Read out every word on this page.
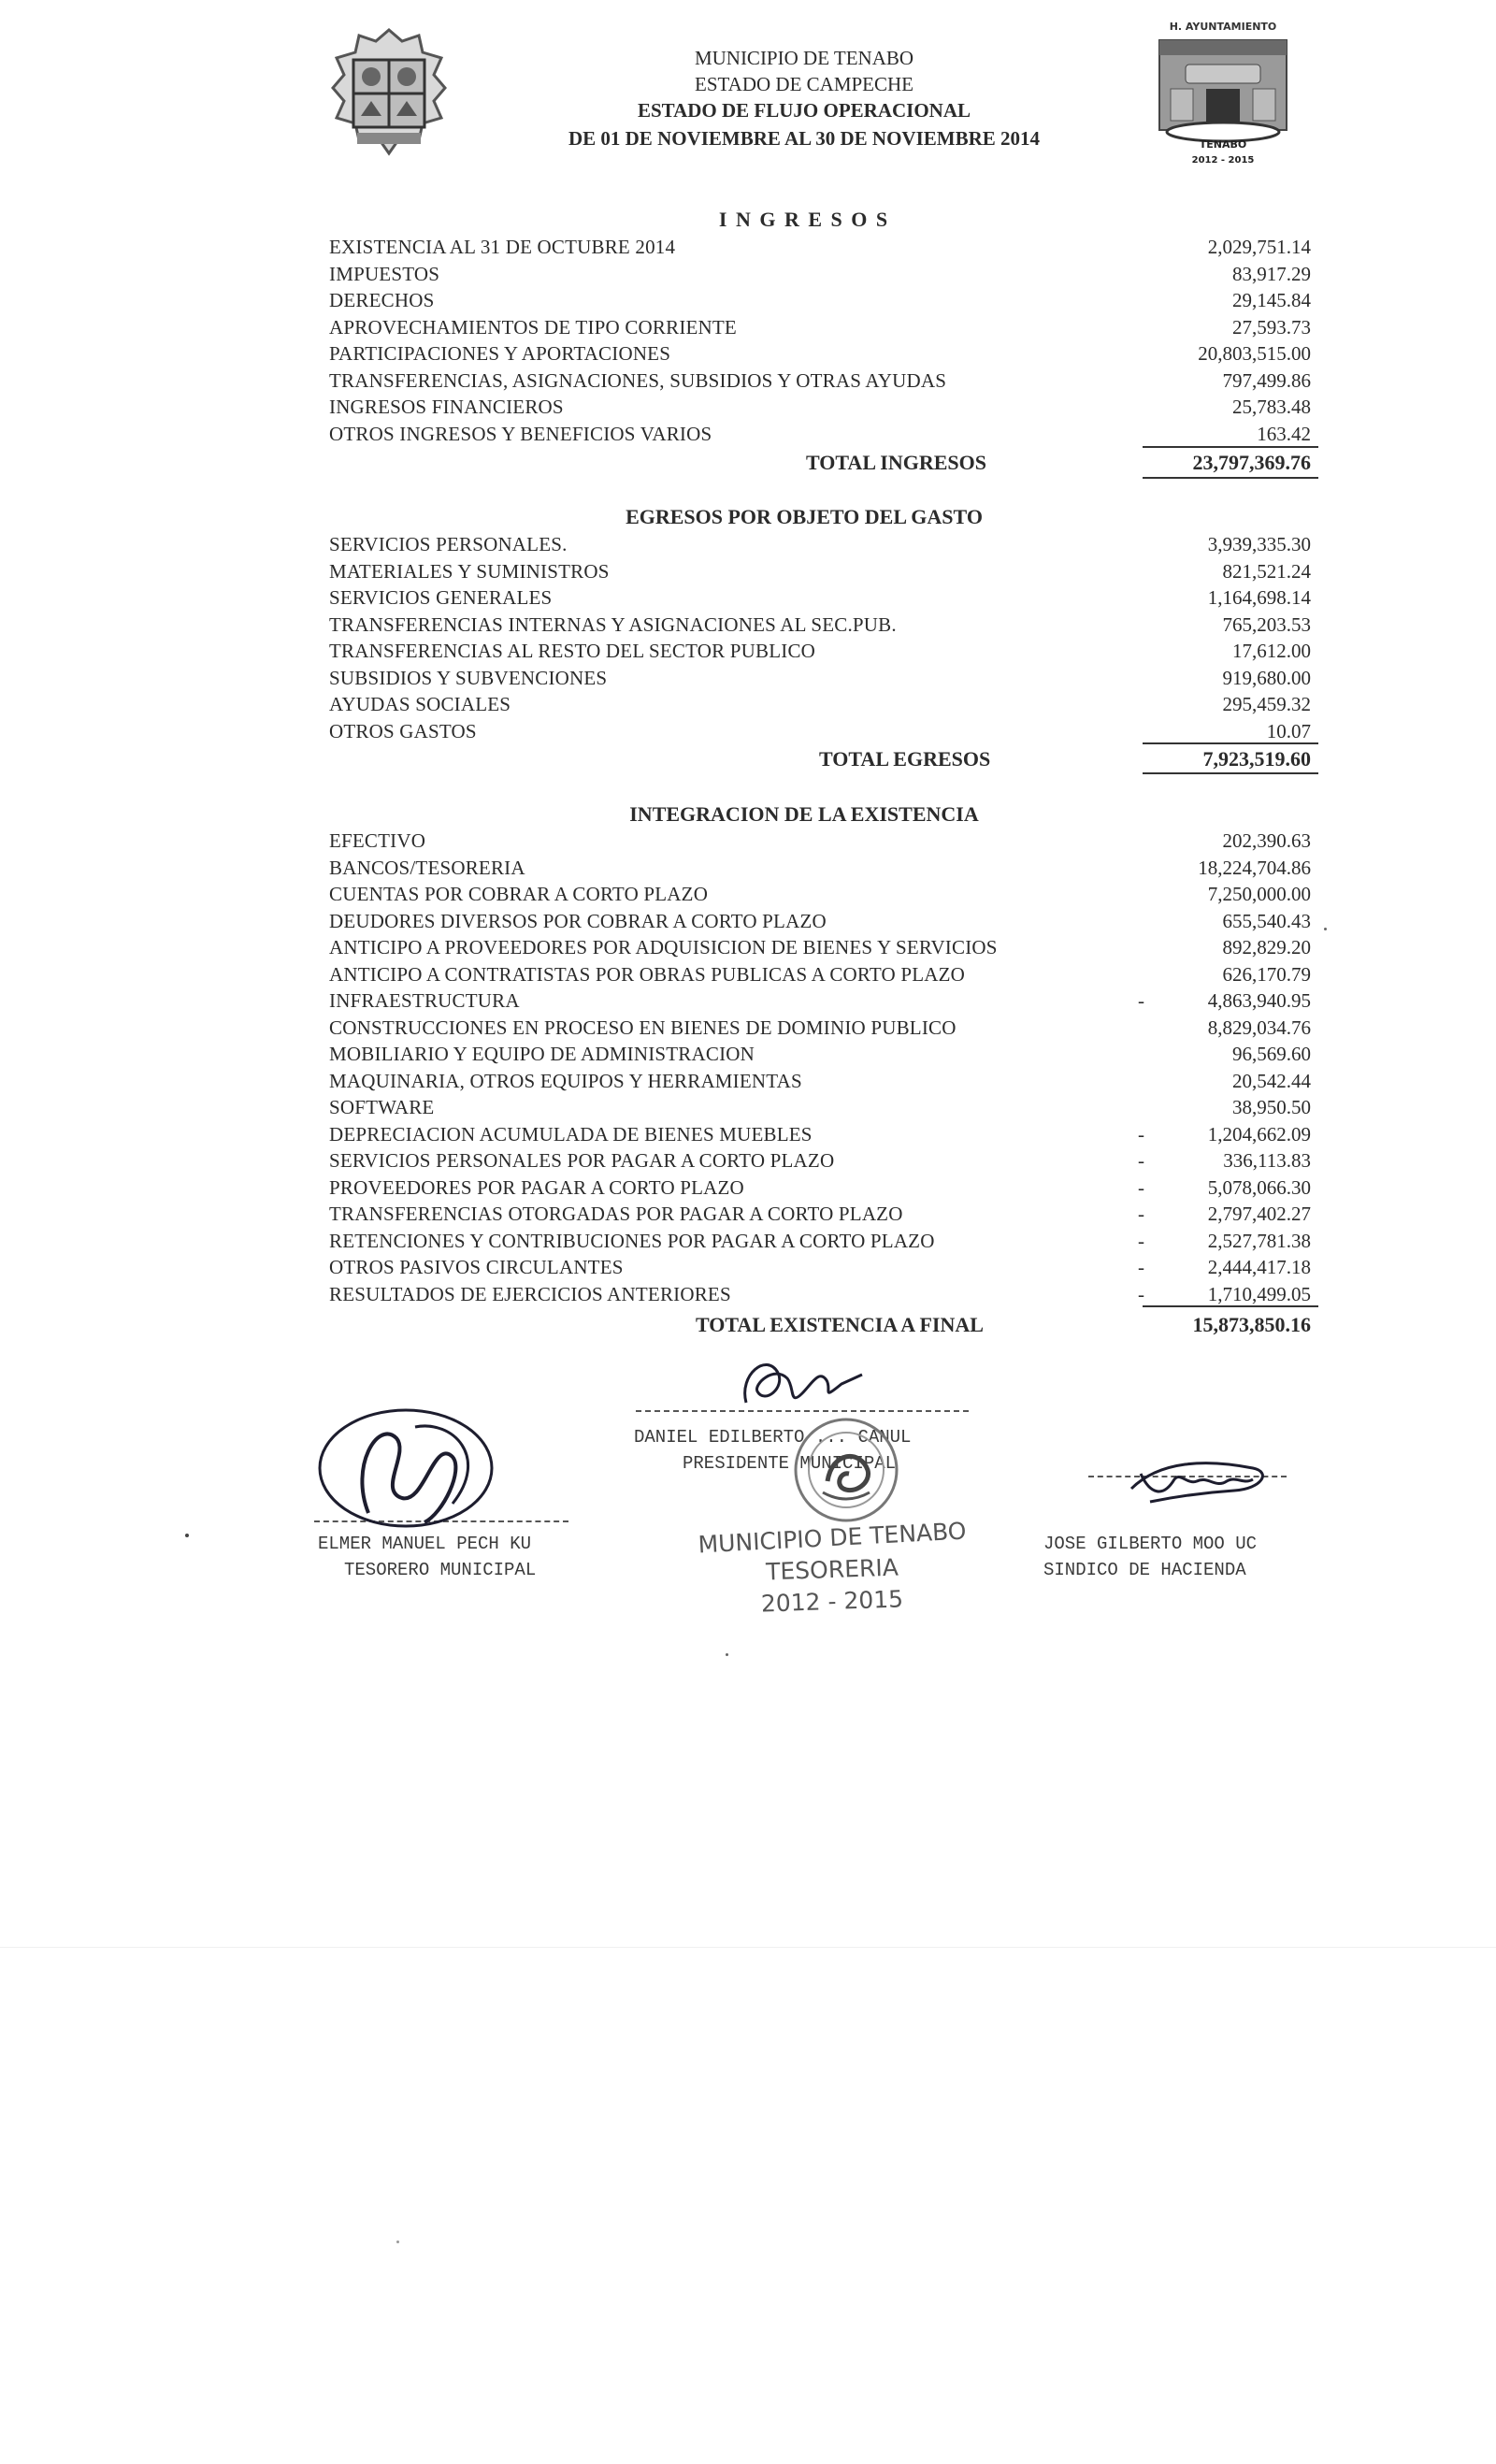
MUNICIPIO DE TENABO
ESTADO DE CAMPECHE
ESTADO DE FLUJO OPERACIONAL
DE 01 DE NOVIEMBRE AL 30 DE NOVIEMBRE 2014
H. AYUNTAMIENTO
TENABO
2012 - 2015
I N G R E S O S
EXISTENCIA AL 31 DE OCTUBRE 2014	2,029,751.14
IMPUESTOS	83,917.29
DERECHOS	29,145.84
APROVECHAMIENTOS DE TIPO CORRIENTE	27,593.73
PARTICIPACIONES Y APORTACIONES	20,803,515.00
TRANSFERENCIAS, ASIGNACIONES, SUBSIDIOS Y OTRAS AYUDAS	797,499.86
INGRESOS FINANCIEROS	25,783.48
OTROS INGRESOS Y BENEFICIOS VARIOS	163.42
TOTAL INGRESOS	23,797,369.76
EGRESOS POR OBJETO DEL GASTO
SERVICIOS PERSONALES.	3,939,335.30
MATERIALES Y SUMINISTROS	821,521.24
SERVICIOS GENERALES	1,164,698.14
TRANSFERENCIAS INTERNAS Y ASIGNACIONES AL SEC.PUB.	765,203.53
TRANSFERENCIAS AL RESTO DEL SECTOR PUBLICO	17,612.00
SUBSIDIOS Y SUBVENCIONES	919,680.00
AYUDAS SOCIALES	295,459.32
OTROS GASTOS	10.07
TOTAL EGRESOS	7,923,519.60
INTEGRACION DE LA EXISTENCIA
EFECTIVO	202,390.63
BANCOS/TESORERIA	18,224,704.86
CUENTAS POR COBRAR A CORTO PLAZO	7,250,000.00
DEUDORES DIVERSOS POR COBRAR A CORTO PLAZO	655,540.43
ANTICIPO A PROVEEDORES POR ADQUISICION DE BIENES Y SERVICIOS	892,829.20
ANTICIPO A CONTRATISTAS POR OBRAS PUBLICAS A CORTO PLAZO	626,170.79
INFRAESTRUCTURA	-	4,863,940.95
CONSTRUCCIONES EN PROCESO EN BIENES DE DOMINIO PUBLICO	8,829,034.76
MOBILIARIO Y EQUIPO DE ADMINISTRACION	96,569.60
MAQUINARIA, OTROS EQUIPOS Y HERRAMIENTAS	20,542.44
SOFTWARE	38,950.50
DEPRECIACION ACUMULADA DE BIENES MUEBLES	-	1,204,662.09
SERVICIOS PERSONALES POR PAGAR A CORTO PLAZO	-	336,113.83
PROVEEDORES POR PAGAR A CORTO PLAZO	-	5,078,066.30
TRANSFERENCIAS OTORGADAS POR PAGAR A CORTO PLAZO	-	2,797,402.27
RETENCIONES Y CONTRIBUCIONES POR PAGAR A CORTO PLAZO	-	2,527,781.38
OTROS PASIVOS CIRCULANTES	-	2,444,417.18
RESULTADOS DE EJERCICIOS ANTERIORES	-	1,710,499.05
TOTAL EXISTENCIA A FINAL	15,873,850.16
DANIEL EDILBERTO ... CANUL
PRESIDENTE MUNICIPAL
ELMER MANUEL PECH KU
TESORERO MUNICIPAL
JOSE GILBERTO MOO UC
SINDICO DE HACIENDA
MUNICIPIO DE TENABO
TESORERIA
2012 - 2015
